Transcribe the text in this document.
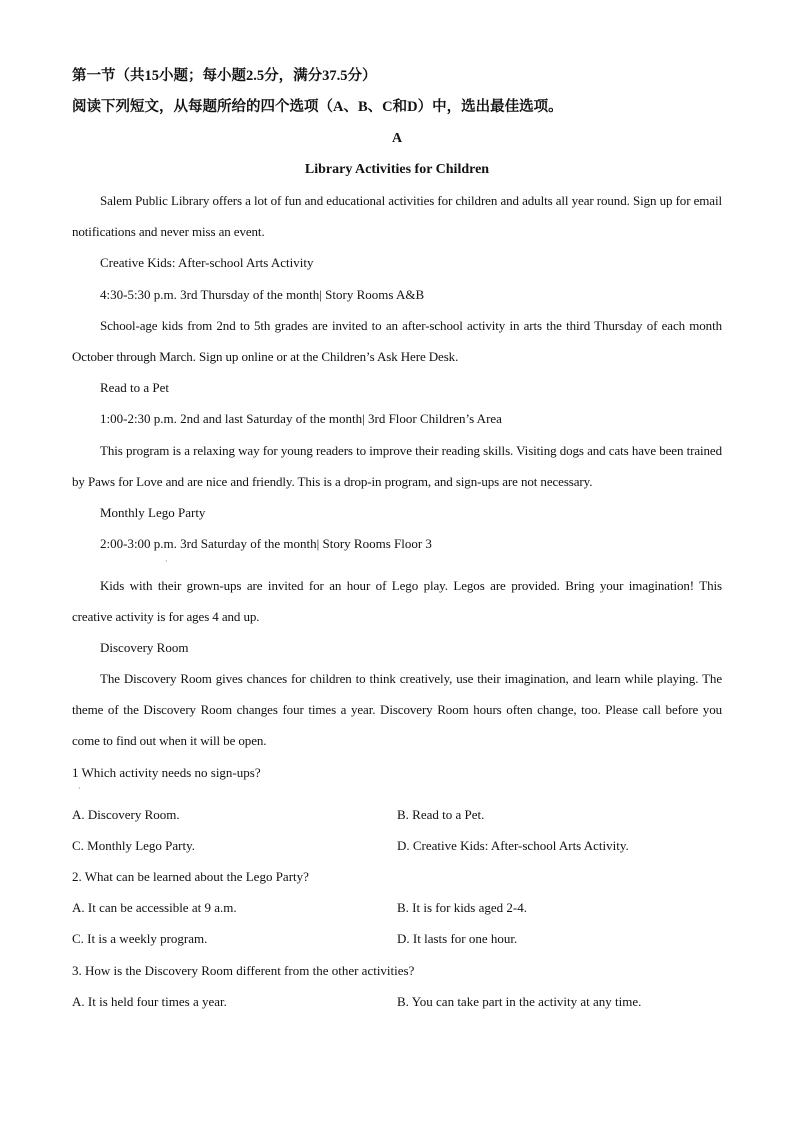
第一节（共15小题；每小题2.5分，满分37.5分）
阅读下列短文，从每题所给的四个选项（A、B、C和D）中，选出最佳选项。
A
Library Activities for Children
Salem Public Library offers a lot of fun and educational activities for children and adults all year round. Sign up for email notifications and never miss an event.
Creative Kids: After-school Arts Activity
4:30-5:30 p.m. 3rd Thursday of the month| Story Rooms A&B
School-age kids from 2nd to 5th grades are invited to an after-school activity in arts the third Thursday of each month October through March. Sign up online or at the Children’s Ask Here Desk.
Read to a Pet
1:00-2:30 p.m. 2nd and last Saturday of the month| 3rd Floor Children’s Area
This program is a relaxing way for young readers to improve their reading skills. Visiting dogs and cats have been trained by Paws for Love and are nice and friendly. This is a drop-in program, and sign-ups are not necessary.
Monthly Lego Party
2:00-3:00 p.m. 3rd Saturday of the month| Story Rooms Floor 3
·
Kids with their grown-ups are invited for an hour of Lego play. Legos are provided. Bring your imagination! This creative activity is for ages 4 and up.
Discovery Room
The Discovery Room gives chances for children to think creatively, use their imagination, and learn while playing. The theme of the Discovery Room changes four times a year. Discovery Room hours often change, too. Please call before you come to find out when it will be open.
1 Which activity needs no sign-ups?
·
A. Discovery Room.	B. Read to a Pet.
C. Monthly Lego Party.	D. Creative Kids: After-school Arts Activity.
2. What can be learned about the Lego Party?
A. It can be accessible at 9 a.m.	B. It is for kids aged 2-4.
C. It is a weekly program.	D. It lasts for one hour.
3. How is the Discovery Room different from the other activities?
A. It is held four times a year.	B. You can take part in the activity at any time.
